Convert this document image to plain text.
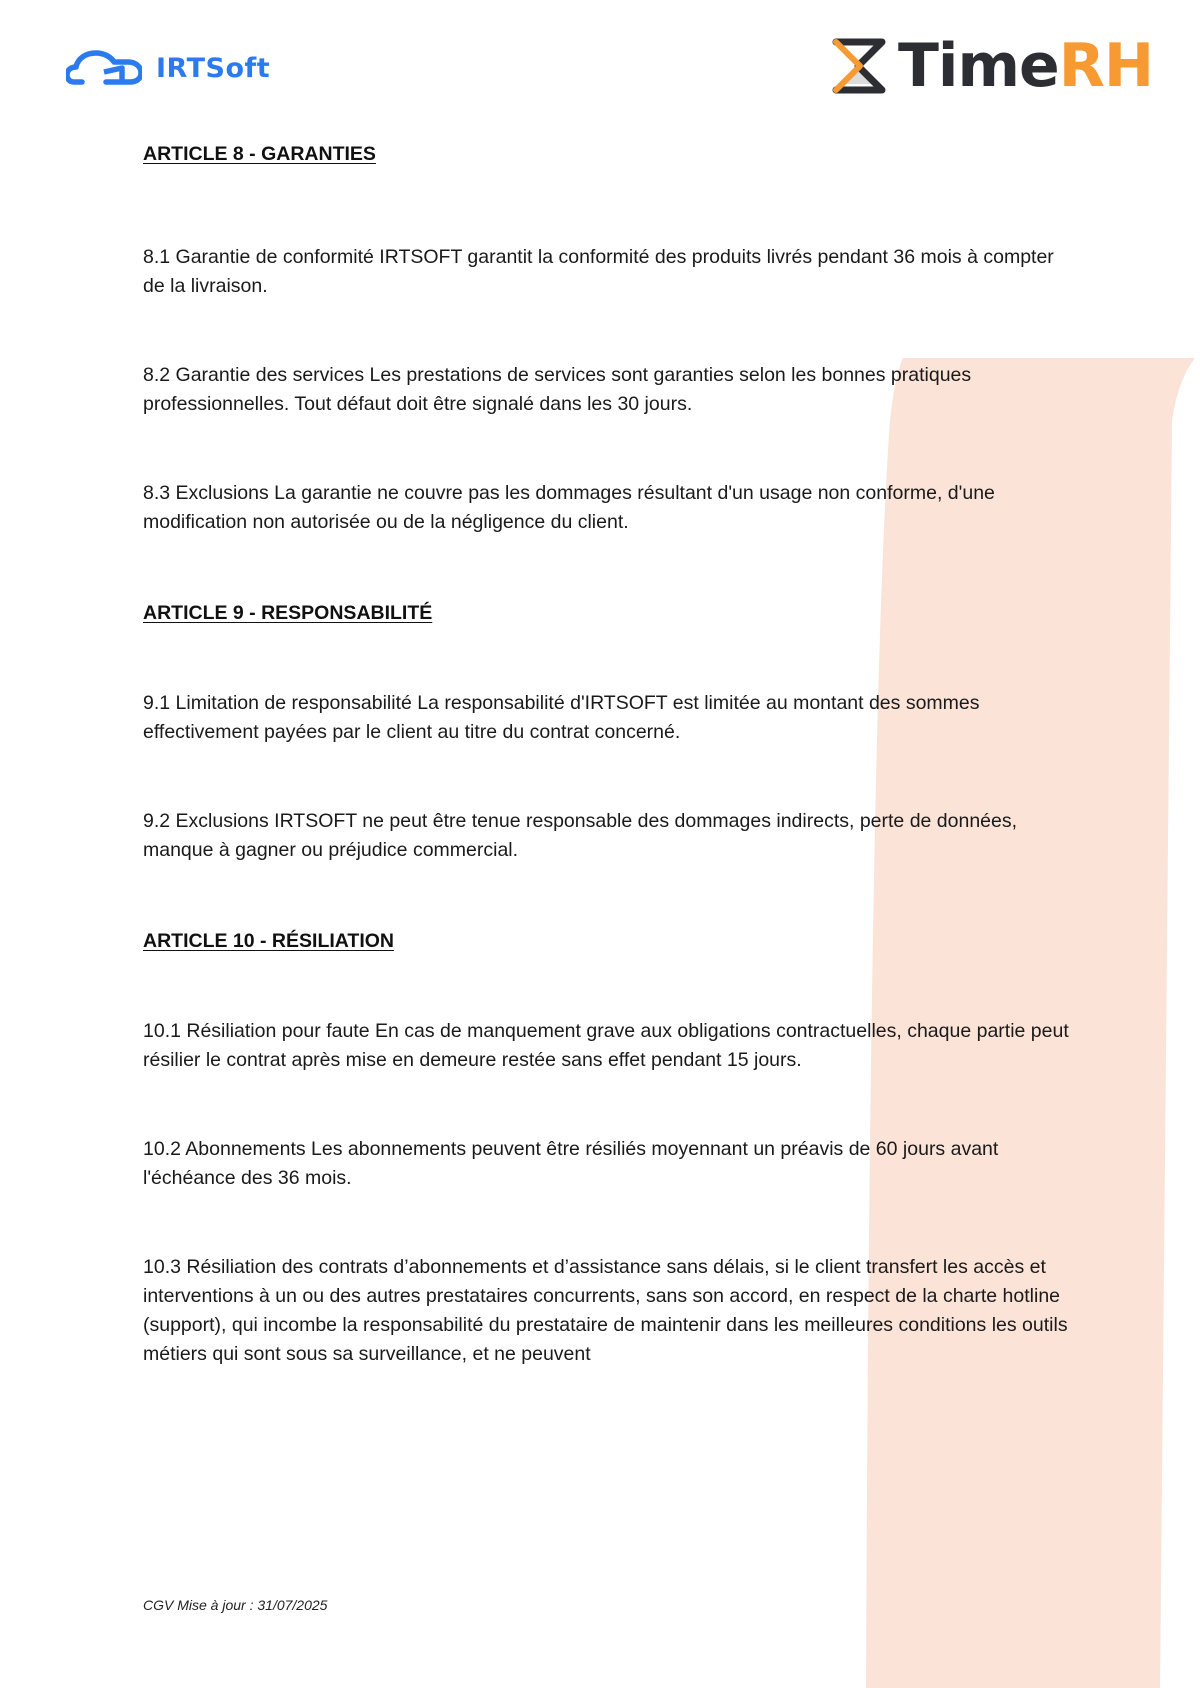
IRTSoft	TimeRH
ARTICLE 8 - GARANTIES

8.1 Garantie de conformité IRTSOFT garantit la conformité des produits livrés pendant 36 mois à compter de la livraison.

8.2 Garantie des services Les prestations de services sont garanties selon les bonnes pratiques professionnelles. Tout défaut doit être signalé dans les 30 jours.

8.3 Exclusions La garantie ne couvre pas les dommages résultant d'un usage non conforme, d'une modification non autorisée ou de la négligence du client.

ARTICLE 9 - RESPONSABILITÉ

9.1 Limitation de responsabilité La responsabilité d'IRTSOFT est limitée au montant des sommes effectivement payées par le client au titre du contrat concerné.

9.2 Exclusions IRTSOFT ne peut être tenue responsable des dommages indirects, perte de données, manque à gagner ou préjudice commercial.

ARTICLE 10 - RÉSILIATION

10.1 Résiliation pour faute En cas de manquement grave aux obligations contractuelles, chaque partie peut résilier le contrat après mise en demeure restée sans effet pendant 15 jours.

10.2 Abonnements Les abonnements peuvent être résiliés moyennant un préavis de 60 jours avant l'échéance des 36 mois.

10.3 Résiliation des contrats d’abonnements et d’assistance sans délais, si le client transfert les accès et interventions à un ou des autres prestataires concurrents, sans son accord, en respect de la charte hotline (support), qui incombe la responsabilité du prestataire de maintenir dans les meilleures conditions les outils métiers qui sont sous sa surveillance, et ne peuvent

CGV Mise à jour : 31/07/2025
